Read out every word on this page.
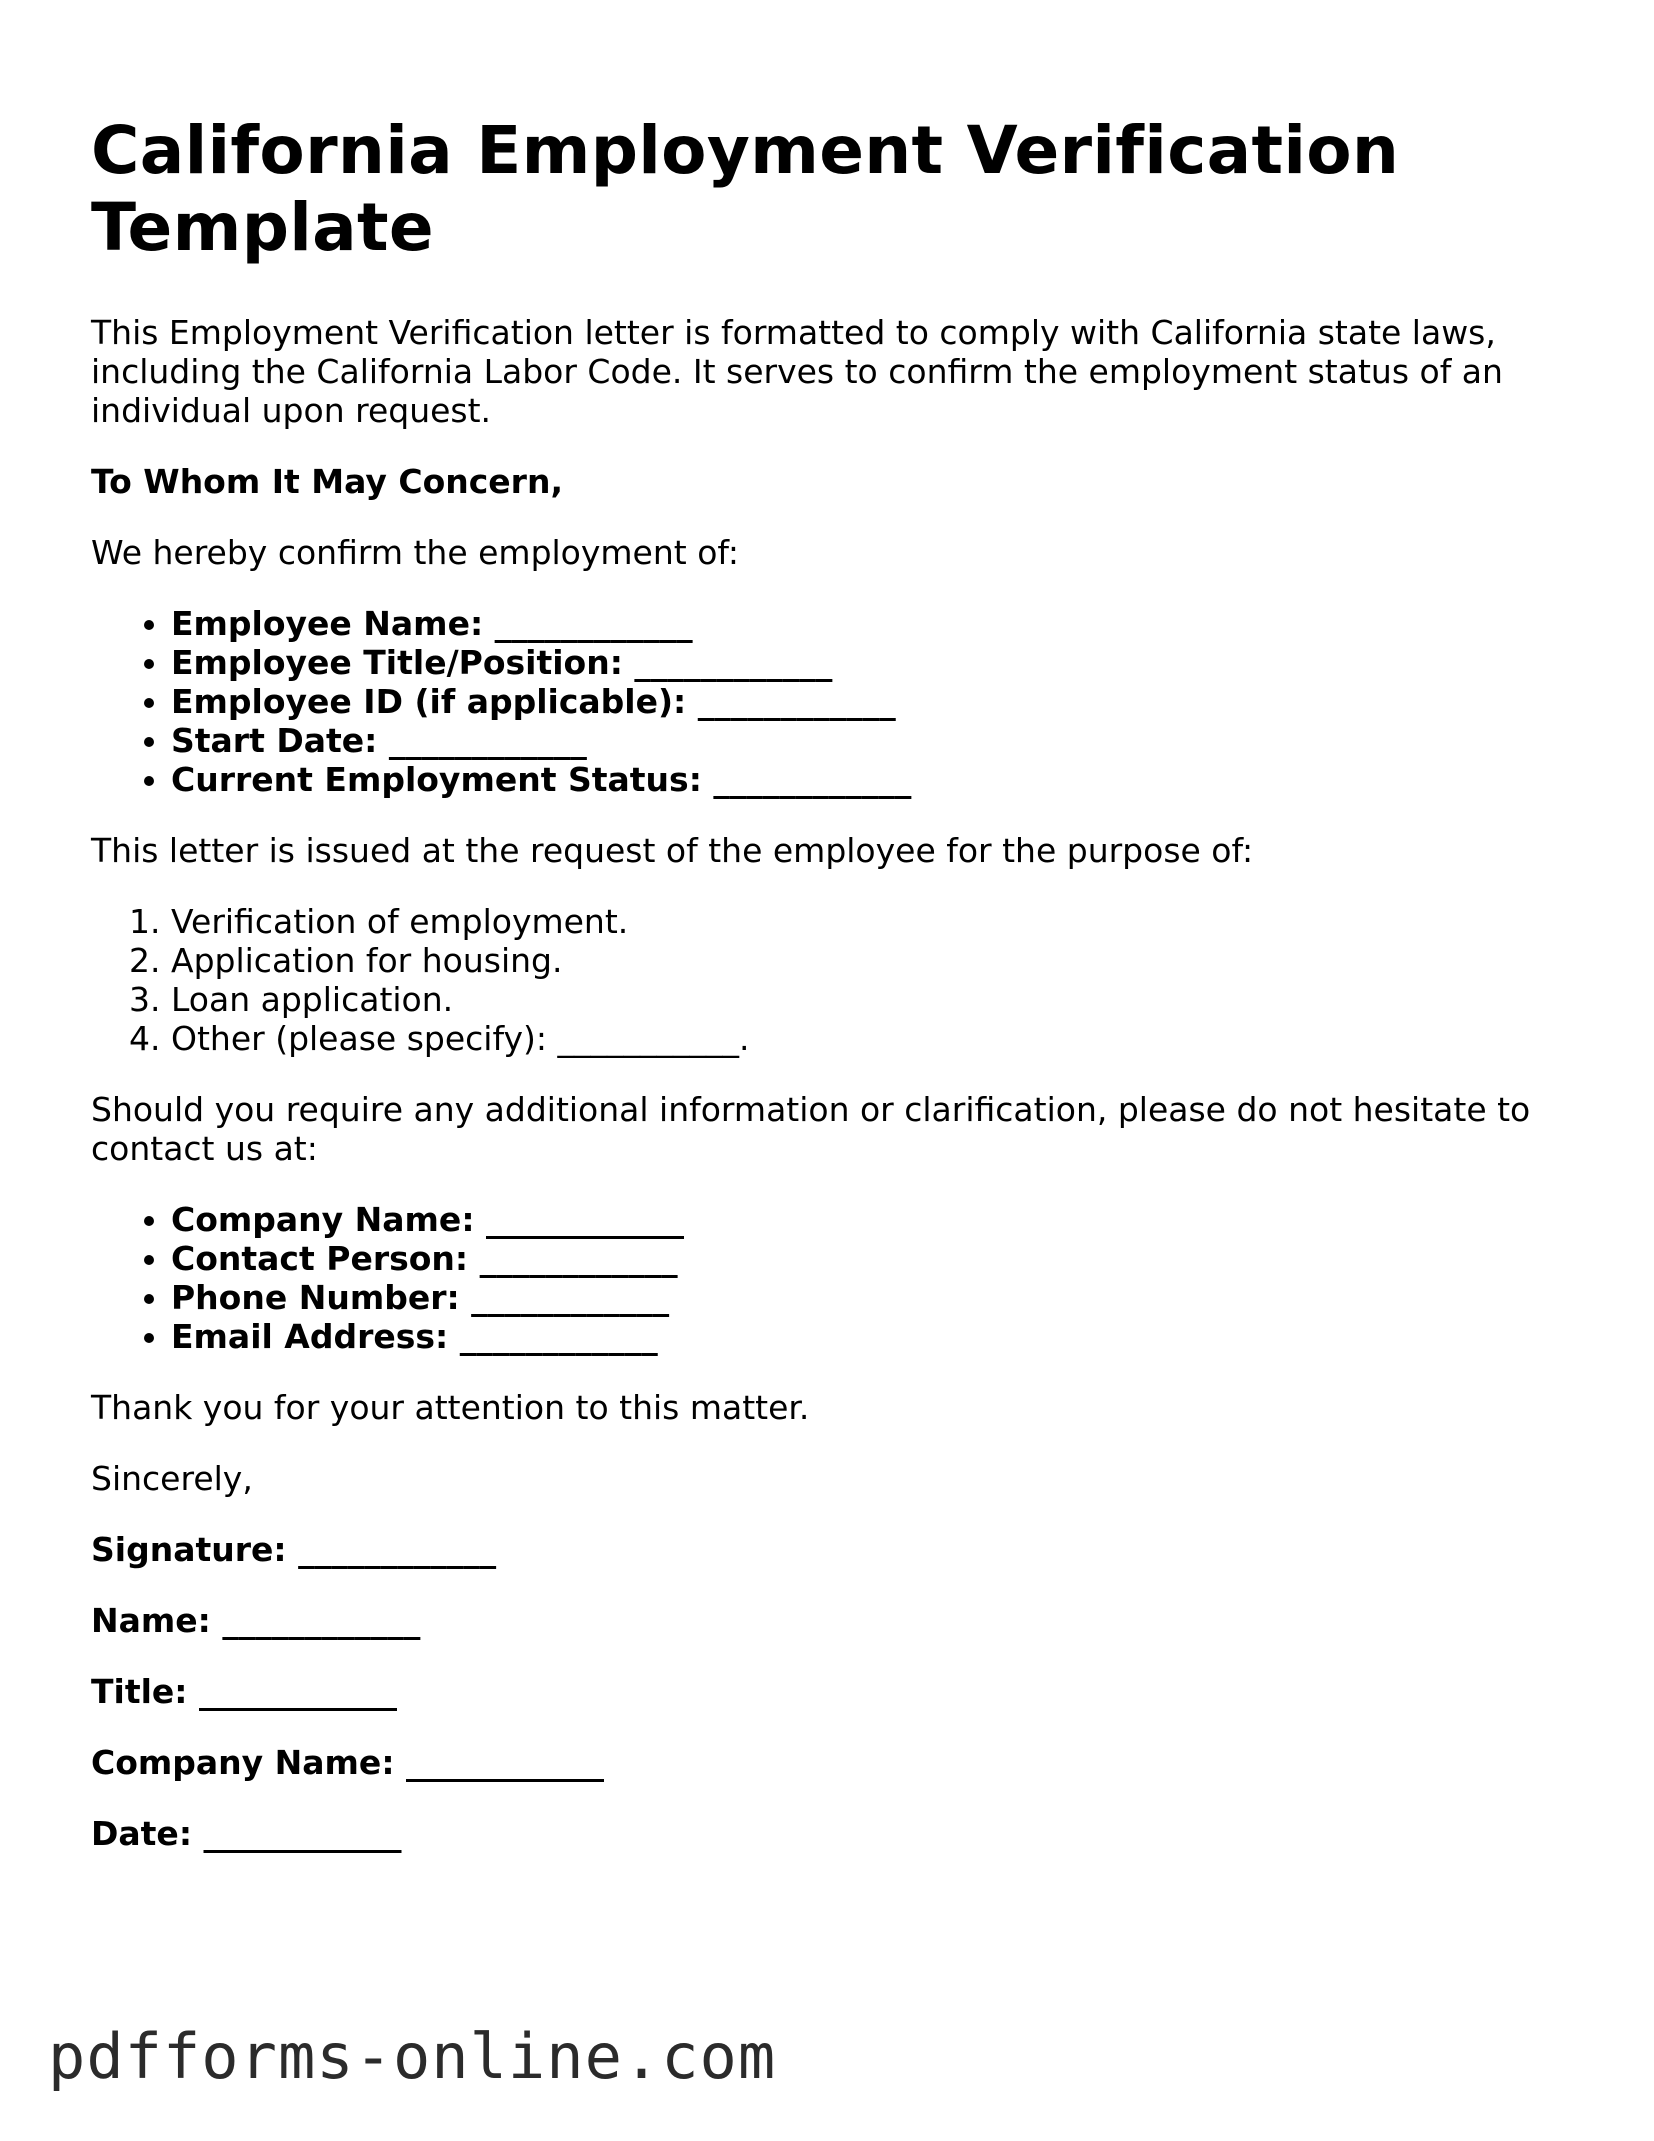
California Employment Verification Template

This Employment Verification letter is formatted to comply with California state laws, including the California Labor Code. It serves to confirm the employment status of an individual upon request.

To Whom It May Concern,

We hereby confirm the employment of:

• Employee Name: ____________
• Employee Title/Position: ____________
• Employee ID (if applicable): ____________
• Start Date: ____________
• Current Employment Status: ____________

This letter is issued at the request of the employee for the purpose of:

1. Verification of employment.
2. Application for housing.
3. Loan application.
4. Other (please specify): ___________.

Should you require any additional information or clarification, please do not hesitate to contact us at:

• Company Name: ____________
• Contact Person: ____________
• Phone Number: ____________
• Email Address: ____________

Thank you for your attention to this matter.

Sincerely,

Signature: ____________

Name: ____________

Title: ____________

Company Name: ____________

Date: ____________

pdfforms-online.com
